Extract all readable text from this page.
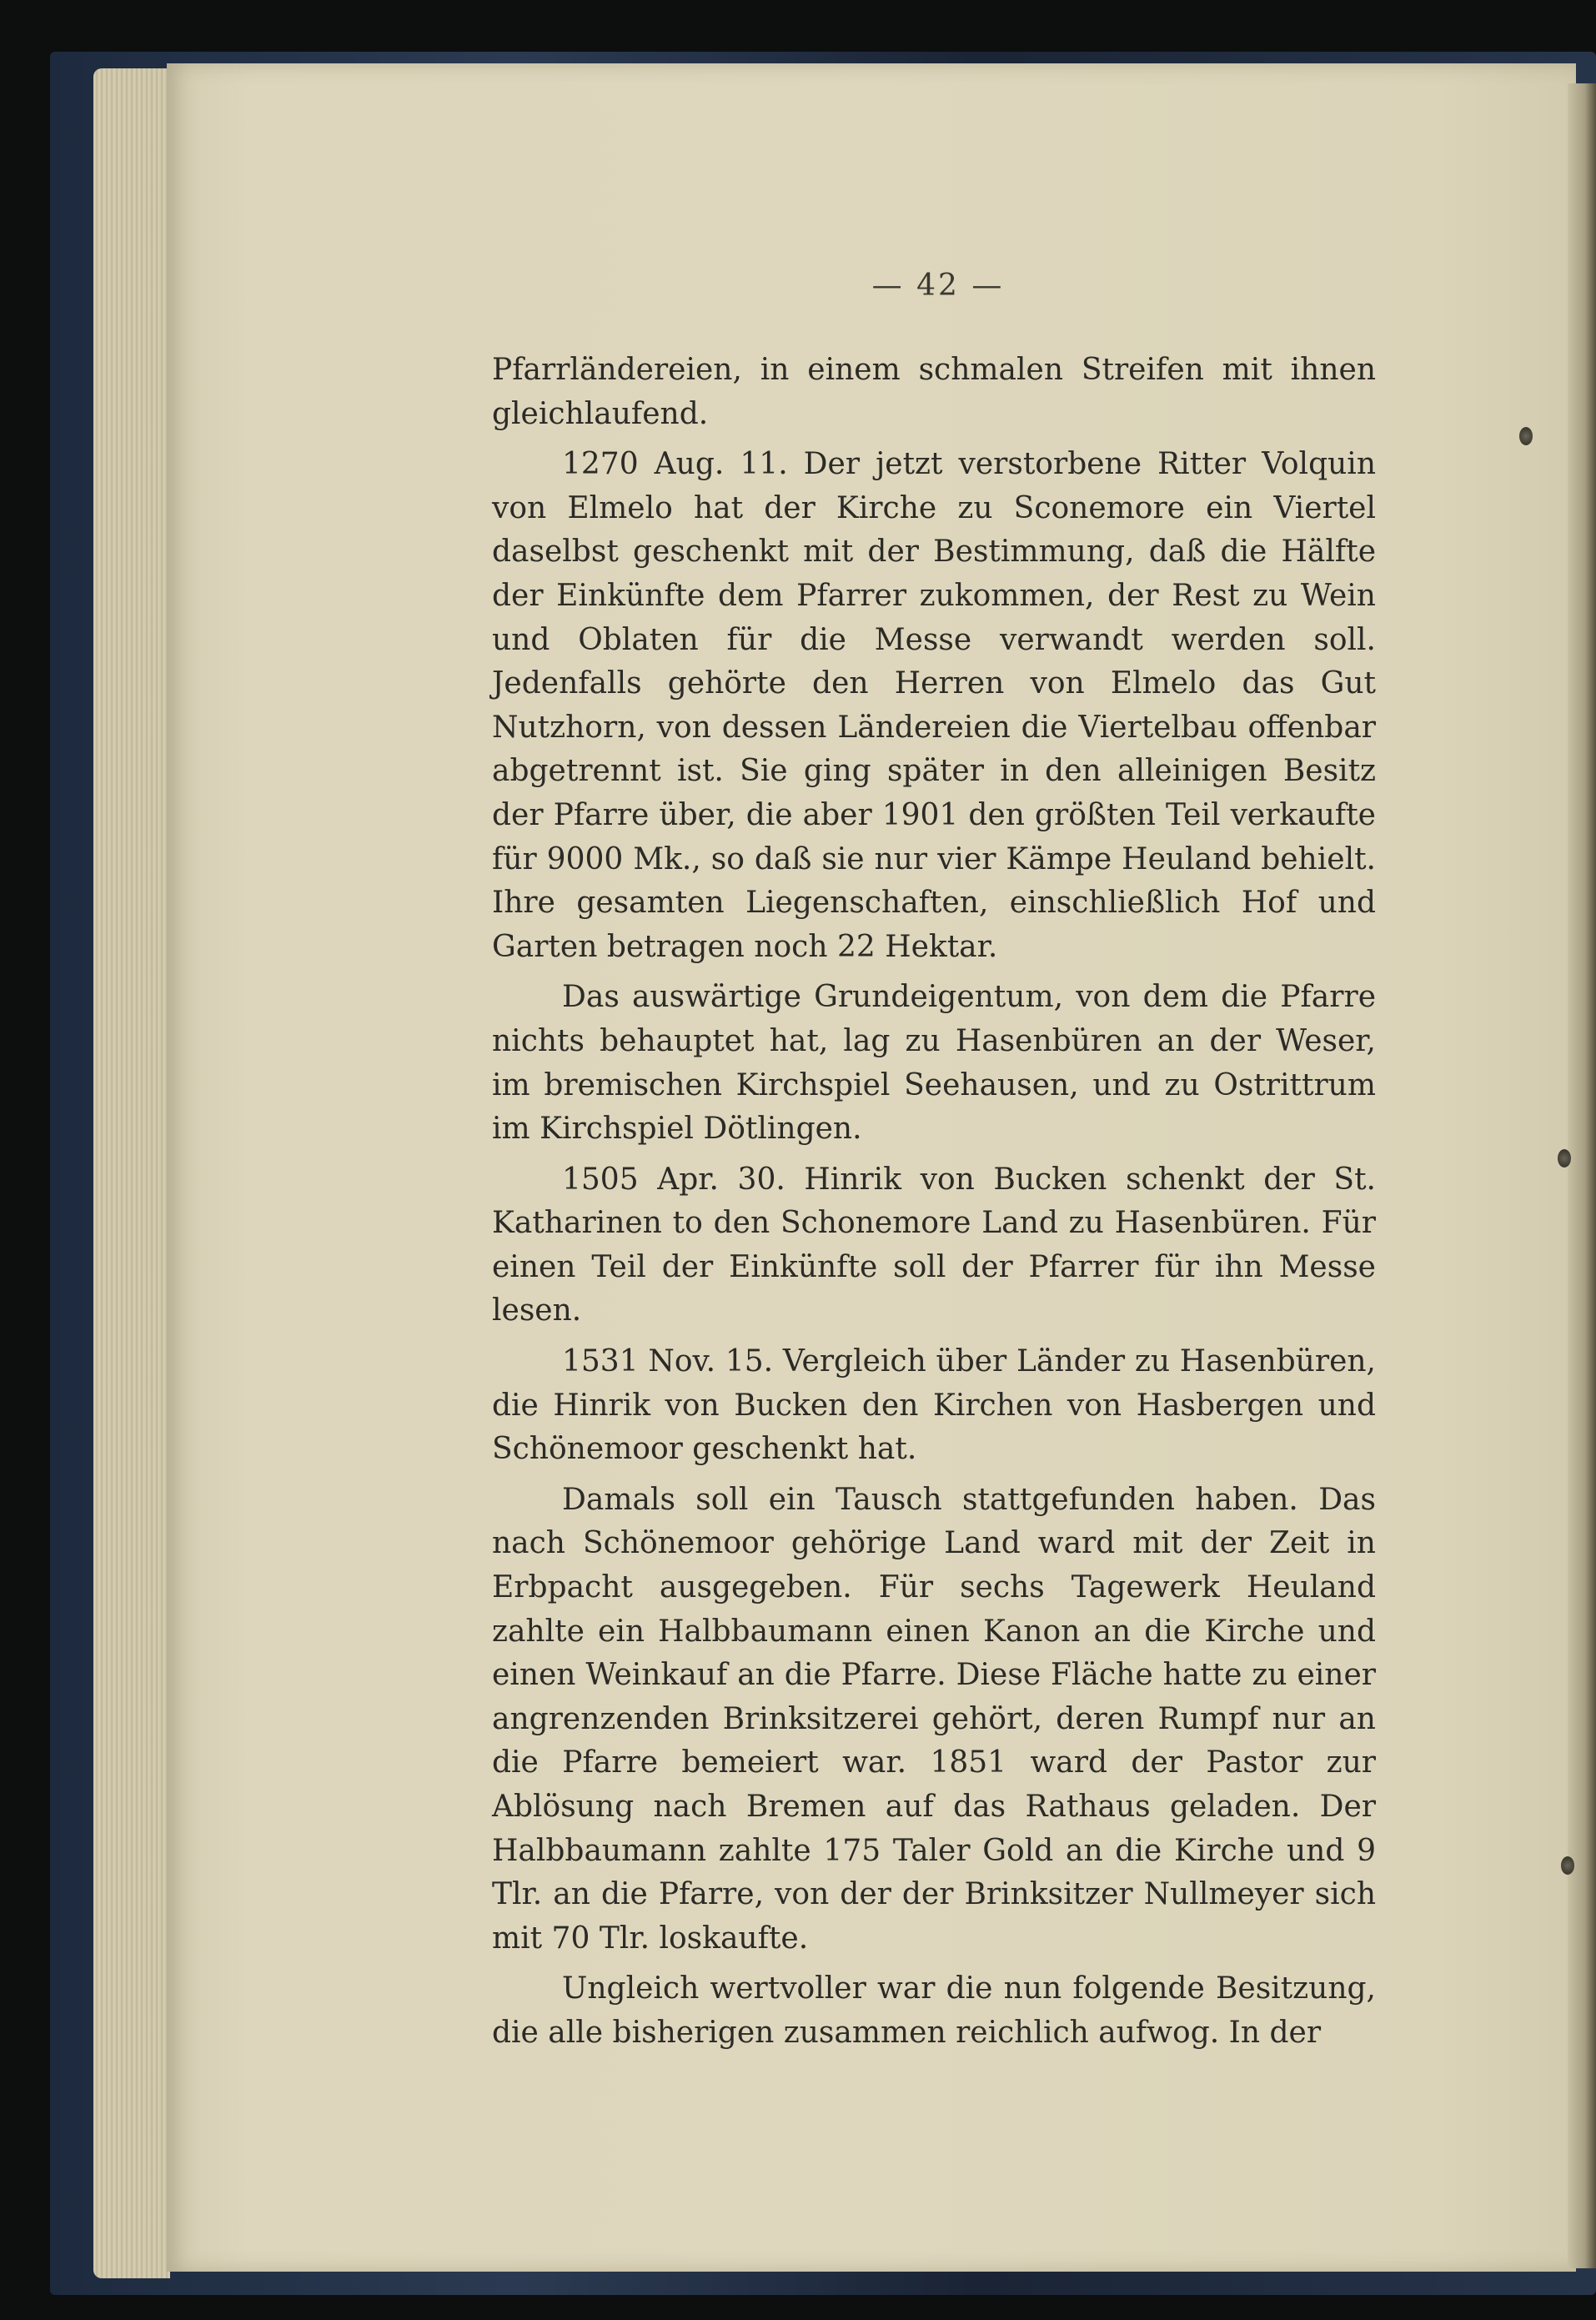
— 42 —

Pfarrländereien, in einem schmalen Streifen mit ihnen gleichlaufend.

1270 Aug. 11. Der jetzt verstorbene Ritter Volquin von Elmelo hat der Kirche zu Sconemore ein Viertel daselbst geschenkt mit der Bestimmung, daß die Hälfte der Einkünfte dem Pfarrer zukommen, der Rest zu Wein und Oblaten für die Messe verwandt werden soll. Jedenfalls gehörte den Herren von Elmelo das Gut Nutzhorn, von dessen Ländereien die Viertelbau offenbar abgetrennt ist. Sie ging später in den alleinigen Besitz der Pfarre über, die aber 1901 den größten Teil verkaufte für 9000 Mk., so daß sie nur vier Kämpe Heuland behielt. Ihre gesamten Liegenschaften, einschließlich Hof und Garten betragen noch 22 Hektar.

Das auswärtige Grundeigentum, von dem die Pfarre nichts behauptet hat, lag zu Hasenbüren an der Weser, im bremischen Kirchspiel Seehausen, und zu Ostrittrum im Kirchspiel Dötlingen.

1505 Apr. 30. Hinrik von Bucken schenkt der St. Katharinen to den Schonemore Land zu Hasenbüren. Für einen Teil der Einkünfte soll der Pfarrer für ihn Messe lesen.

1531 Nov. 15. Vergleich über Länder zu Hasenbüren, die Hinrik von Bucken den Kirchen von Hasbergen und Schönemoor geschenkt hat.

Damals soll ein Tausch stattgefunden haben. Das nach Schönemoor gehörige Land ward mit der Zeit in Erbpacht ausgegeben. Für sechs Tagewerk Heuland zahlte ein Halbbaumann einen Kanon an die Kirche und einen Weinkauf an die Pfarre. Diese Fläche hatte zu einer angrenzenden Brinksitzerei gehört, deren Rumpf nur an die Pfarre bemeiert war. 1851 ward der Pastor zur Ablösung nach Bremen auf das Rathaus geladen. Der Halbbaumann zahlte 175 Taler Gold an die Kirche und 9 Tlr. an die Pfarre, von der der Brinksitzer Nullmeyer sich mit 70 Tlr. loskaufte.

Ungleich wertvoller war die nun folgende Besitzung, die alle bisherigen zusammen reichlich aufwog. In der
